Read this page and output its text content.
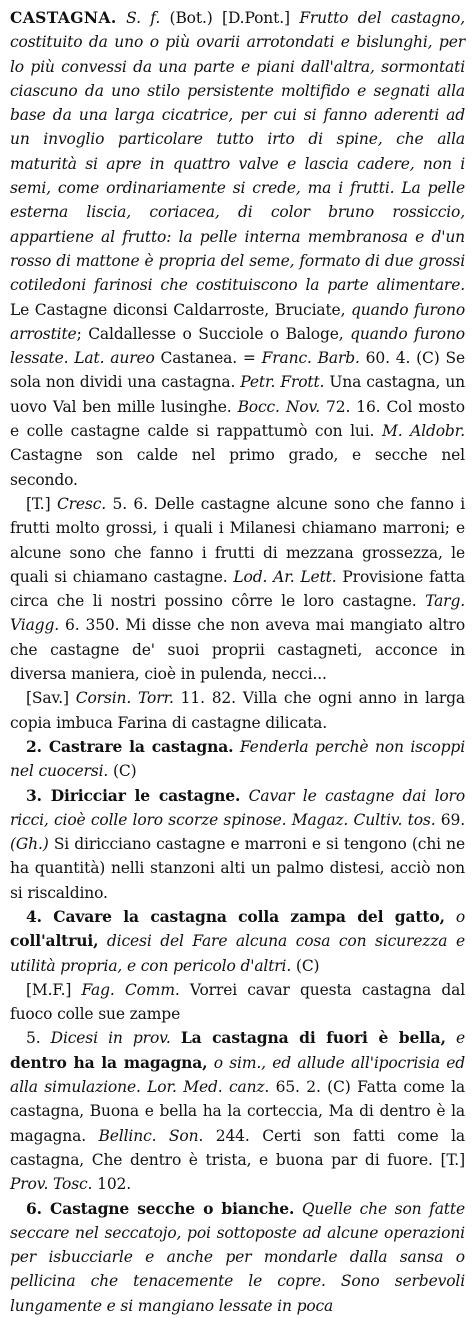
CASTAGNA. S. f. (Bot.) [D.Pont.] Frutto del castagno, costituito da uno o più ovarii arrotondati e bislunghi, per lo più convessi da una parte e piani dall'altra, sormontati ciascuno da uno stilo persistente moltifido e segnati alla base da una larga cicatrice, per cui si fanno aderenti ad un invoglio particolare tutto irto di spine, che alla maturità si apre in quattro valve e lascia cadere, non i semi, come ordinariamente si crede, ma i frutti. La pelle esterna liscia, coriacea, di color bruno rossiccio, appartiene al frutto: la pelle interna membranosa e d'un rosso di mattone è propria del seme, formato di due grossi cotiledoni farinosi che costituiscono la parte alimentare. Le Castagne diconsi Caldarroste, Bruciate, quando furono arrostite; Caldallesse o Succiole o Baloge, quando furono lessate. Lat. aureo Castanea. = Franc. Barb. 60. 4. (C) Se sola non dividi una castagna. Petr. Frott. Una castagna, un uovo Val ben mille lusinghe. Bocc. Nov. 72. 16. Col mosto e colle castagne calde si rappattumò con lui. M. Aldobr. Castagne son calde nel primo grado, e secche nel secondo.

[T.] Cresc. 5. 6. Delle castagne alcune sono che fanno i frutti molto grossi, i quali i Milanesi chiamano marroni; e alcune sono che fanno i frutti di mezzana grossezza, le quali si chiamano castagne. Lod. Ar. Lett. Provisione fatta circa che li nostri possino côrre le loro castagne. Targ. Viagg. 6. 350. Mi disse che non aveva mai mangiato altro che castagne de' suoi proprii castagneti, acconce in diversa maniera, cioè in pulenda, necci...

[Sav.] Corsin. Torr. 11. 82. Villa che ogni anno in larga copia imbuca Farina di castagne dilicata.

2. Castrare la castagna. Fenderla perchè non iscoppi nel cuocersi. (C)

3. Diricciar le castagne. Cavar le castagne dai loro ricci, cioè colle loro scorze spinose. Magaz. Cultiv. tos. 69. (Gh.) Si diricciano castagne e marroni e si tengono (chi ne ha quantità) nelli stanzoni alti un palmo distesi, acciò non si riscaldino.

4. Cavare la castagna colla zampa del gatto, o coll'altrui, dicesi del Fare alcuna cosa con sicurezza e utilità propria, e con pericolo d'altri. (C)

[M.F.] Fag. Comm. Vorrei cavar questa castagna dal fuoco colle sue zampe

5. Dicesi in prov. La castagna di fuori è bella, e dentro ha la magagna, o sim., ed allude all'ipocrisia ed alla simulazione. Lor. Med. canz. 65. 2. (C) Fatta come la castagna, Buona e bella ha la corteccia, Ma di dentro è la magagna. Bellinc. Son. 244. Certi son fatti come la castagna, Che dentro è trista, e buona par di fuore. [T.] Prov. Tosc. 102.

6. Castagne secche o bianche. Quelle che son fatte seccare nel seccatojo, poi sottoposte ad alcune operazioni per isbucciarle e anche per mondarle dalla sansa o pellicina che tenacemente le copre. Sono serbevoli lungamente e si mangiano lessate in poca
